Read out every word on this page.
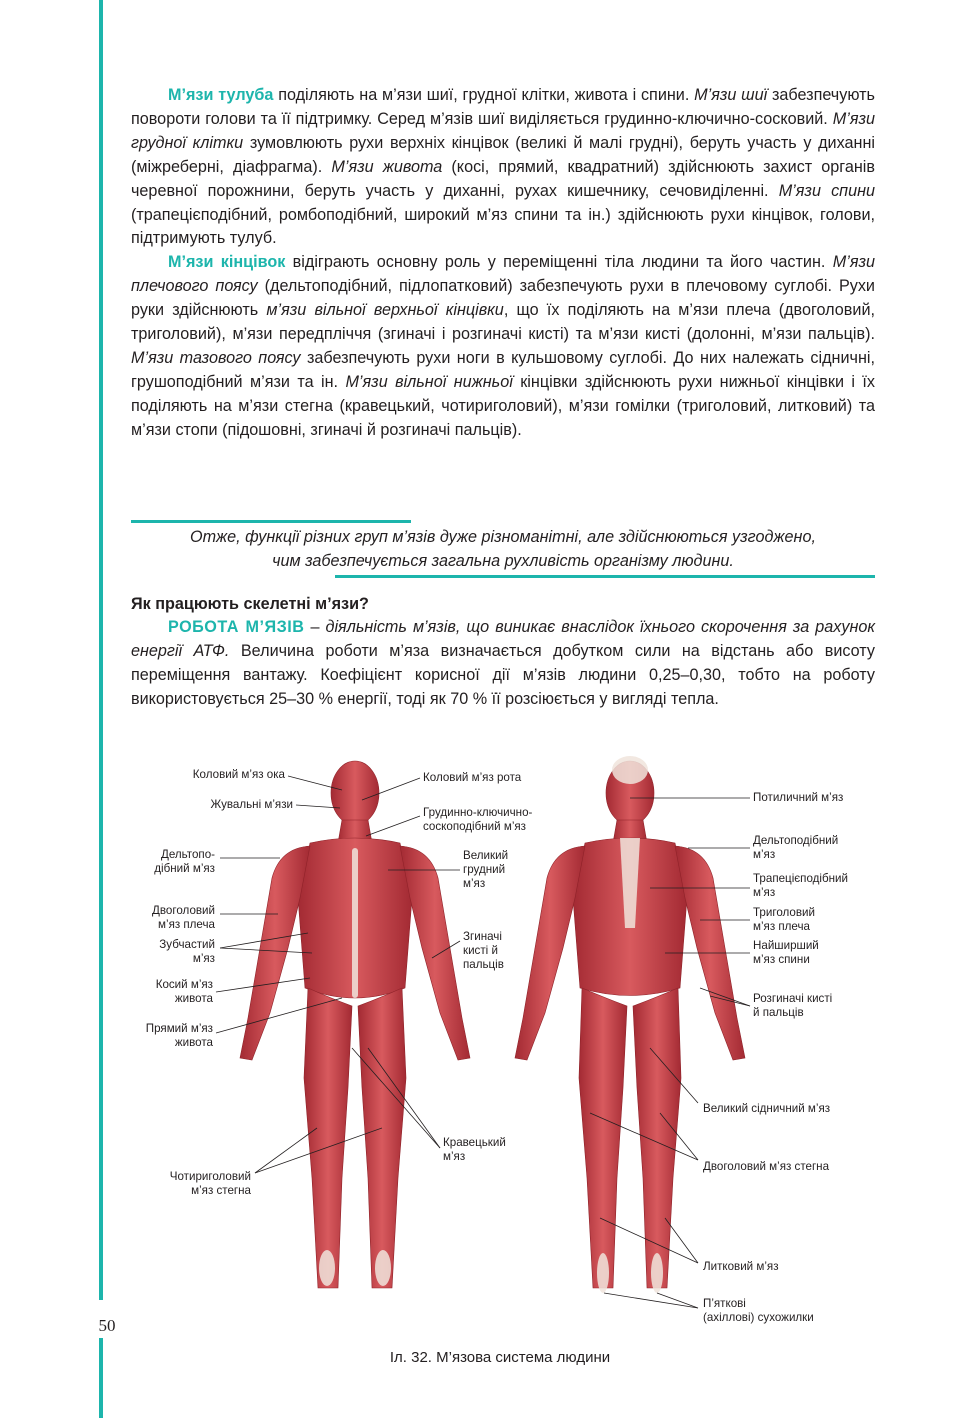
50

М’язи тулуба поділяють на м’язи шиї, грудної клітки, живота і спини. М’язи шиї забезпечують повороти голови та її підтримку. Серед м’язів шиї виділяється грудинно-ключично-сосковий. М’язи грудної клітки зумовлюють рухи верхніх кінцівок (великі й малі грудні), беруть участь у диханні (міжреберні, діафрагма). М’язи живота (косі, прямий, квадратний) здійснюють захист органів черевної порожнини, беруть участь у диханні, рухах кишечнику, сечовиділенні. М’язи спини (трапецієподібний, ромбоподібний, широкий м’яз спини та ін.) здійснюють рухи кінцівок, голови, підтримують тулуб.

М’язи кінцівок відіграють основну роль у переміщенні тіла людини та його частин. М’язи плечового поясу (дельтоподібний, підлопатковий) забезпечують рухи в плечовому суглобі. Рухи руки здійснюють м’язи вільної верхньої кінцівки, що їх поділяють на м’язи плеча (двоголовий, триголовий), м’язи передпліччя (згиначі і розгиначі кисті) та м’язи кисті (долонні, м’язи пальців). М’язи тазового поясу забезпечують рухи ноги в кульшовому суглобі. До них належать сідничні, грушоподібний м’язи та ін. М’язи вільної нижньої кінцівки здійснюють рухи нижньої кінцівки і їх поділяють на м’язи стегна (кравецький, чотириголовий), м’язи гомілки (триголовий, литковий) та м’язи стопи (підошовні, згиначі й розгиначі пальців).

Отже, функції різних груп м’язів дуже різноманітні, але здійснюються узгоджено,
чим забезпечується загальна рухливість організму людини.
Як працюють скелетні м’язи?

РОБОТА М’ЯЗІВ – діяльність м’язів, що виникає внаслідок їхнього скорочення за рахунок енергії АТФ. Величина роботи м’яза визначається добутком сили на відстань або висоту переміщення вантажу. Коефіцієнт корисної дії м’язів людини 0,25–0,30, тобто на роботу використовується 25–30 % енергії, тоді як 70 % її розсіюється у вигляді тепла.

Коловий м’яз ока
Жувальні м’язи
Дельтопо-
дібний м’яз
Двоголовий
м’яз плеча
Зубчастий
м’яз
Косий м’яз
живота
Прямий м’яз
живота
Чотириголовий
м’яз стегна
Коловий м’яз рота
Грудинно-ключично-
соскоподібний м’яз
Великий
грудний
м’яз
Згиначі
кисті й
пальців
Кравецький
м’яз
Потиличний м’яз
Дельтоподібний
м’яз
Трапецієподібний
м’яз
Триголовий
м’яз плеча
Найширший
м’яз спини
Розгиначі кисті
й пальців
Великий сідничний м’яз
Двоголовий м’яз стегна
Литковий м’яз
П’яткові
(ахіллові) сухожилки
Іл. 32. М’язова система людини
